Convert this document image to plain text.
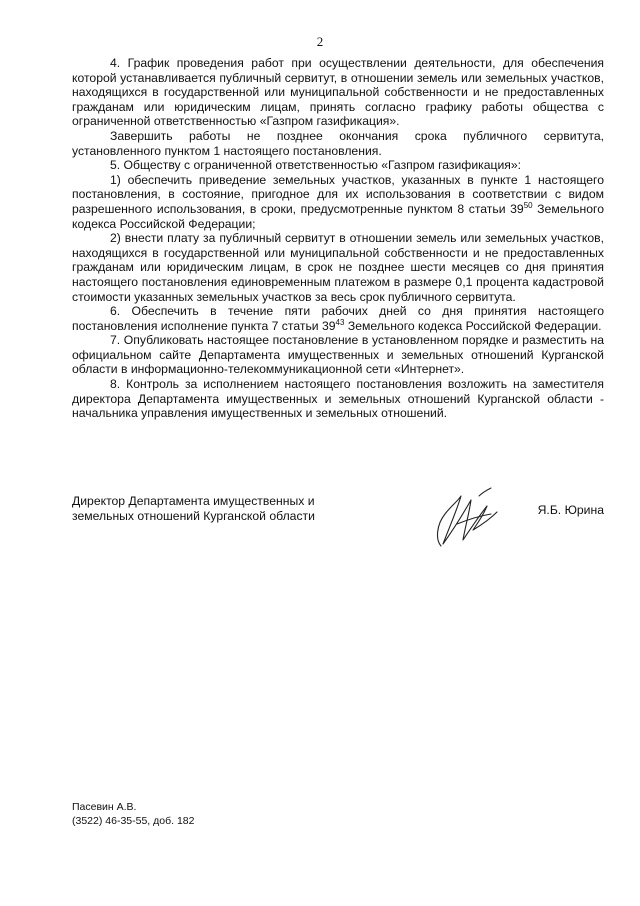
2

4. График проведения работ при осуществлении деятельности, для обеспечения которой устанавливается публичный сервитут, в отношении земель или земельных участков, находящихся в государственной или муниципальной собственности и не предоставленных гражданам или юридическим лицам, принять согласно графику работы общества с ограниченной ответственностью «Газпром газификация».

Завершить работы не позднее окончания срока публичного сервитута, установленного пунктом 1 настоящего постановления.

5. Обществу с ограниченной ответственностью «Газпром газификация»:

1) обеспечить приведение земельных участков, указанных в пункте 1 настоящего постановления, в состояние, пригодное для их использования в соответствии с видом разрешенного использования, в сроки, предусмотренные пунктом 8 статьи $39^{50}$ Земельного кодекса Российской Федерации;

2) внести плату за публичный сервитут в отношении земель или земельных участков, находящихся в государственной или муниципальной собственности и не предоставленных гражданам или юридическим лицам, в срок не позднее шести месяцев со дня принятия настоящего постановления единовременным платежом в размере 0,1 процента кадастровой стоимости указанных земельных участков за весь срок публичного сервитута.

6. Обеспечить в течение пяти рабочих дней со дня принятия настоящего постановления исполнение пункта 7 статьи $39^{43}$ Земельного кодекса Российской Федерации.

7. Опубликовать настоящее постановление в установленном порядке и разместить на официальном сайте Департамента имущественных и земельных отношений Курганской области в информационно-телекоммуникационной сети «Интернет».

8. Контроль за исполнением настоящего постановления возложить на заместителя директора Департамента имущественных и земельных отношений Курганской области - начальника управления имущественных и земельных отношений.

Директор Департамента имущественных и
земельных отношений Курганской области	Я.Б. Юрина
Пасевин А.В.
(3522) 46-35-55, доб. 182
